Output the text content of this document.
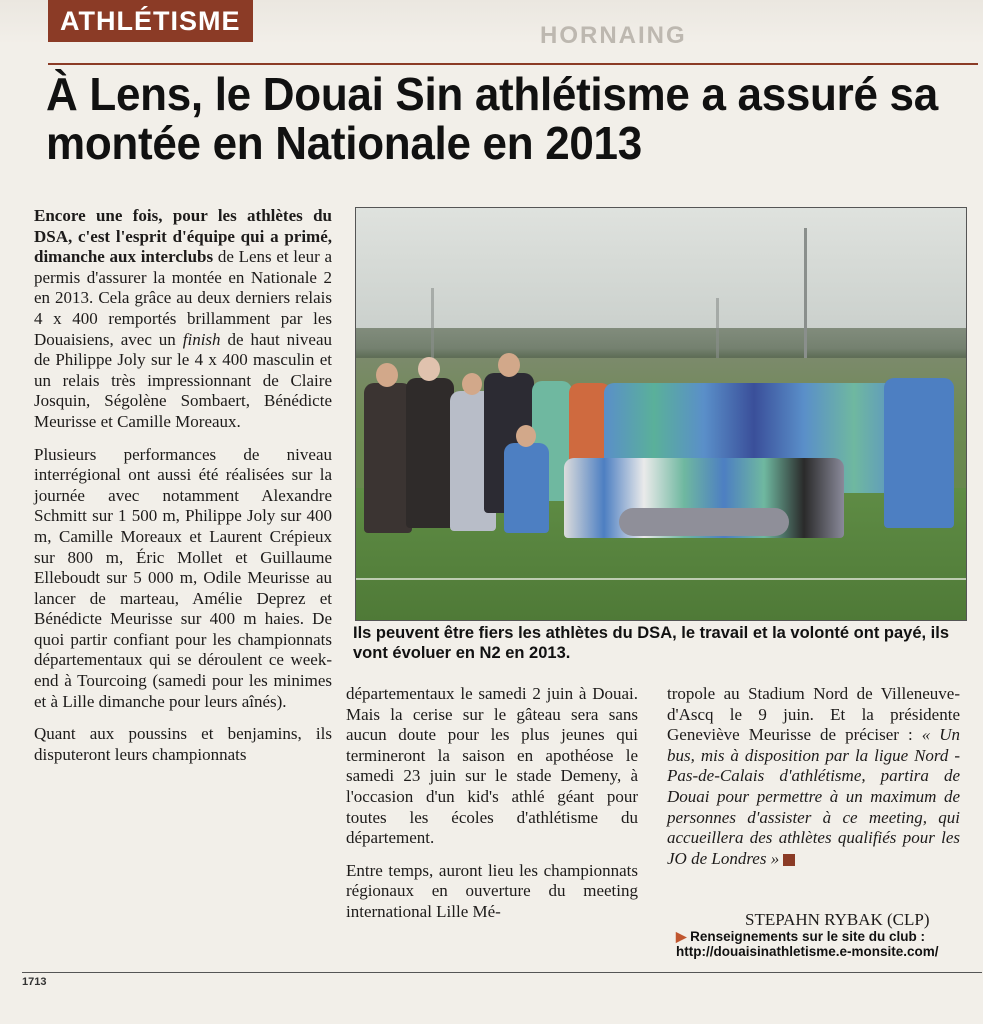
HORNAING
ATHLÉTISME
À Lens, le Douai Sin athlétisme a assuré sa montée en Nationale en 2013

Encore une fois, pour les athlètes du DSA, c'est l'esprit d'équipe qui a primé, dimanche aux interclubs de Lens et leur a permis d'assurer la montée en Nationale 2 en 2013. Cela grâce au deux derniers relais 4 x 400 remportés brillamment par les Douaisiens, avec un finish de haut niveau de Philippe Joly sur le 4 x 400 masculin et un relais très impressionnant de Claire Josquin, Ségolène Sombaert, Bénédicte Meurisse et Camille Moreaux.

Plusieurs performances de niveau interrégional ont aussi été réalisées sur la journée avec notamment Alexandre Schmitt sur 1 500 m, Philippe Joly sur 400 m, Camille Moreaux et Laurent Crépieux sur 800 m, Éric Mollet et Guillaume Elleboudt sur 5 000 m, Odile Meurisse au lancer de marteau, Amélie Deprez et Bénédicte Meurisse sur 400 m haies. De quoi partir confiant pour les championnats départementaux qui se déroulent ce week-end à Tourcoing (samedi pour les minimes et à Lille dimanche pour leurs aînés).

Quant aux poussins et benjamins, ils disputeront leurs championnats

Ils peuvent être fiers les athlètes du DSA, le travail et la volonté ont payé, ils vont évoluer en N2 en 2013.

départementaux le samedi 2 juin à Douai. Mais la cerise sur le gâteau sera sans aucun doute pour les plus jeunes qui termineront la saison en apothéose le samedi 23 juin sur le stade Demeny, à l'occasion d'un kid's athlé géant pour toutes les écoles d'athlétisme du département.

Entre temps, auront lieu les championnats régionaux en ouverture du meeting international Lille Mé-

tropole au Stadium Nord de Villeneuve-d'Ascq le 9 juin. Et la présidente Geneviève Meurisse de préciser : « Un bus, mis à disposition par la ligue Nord - Pas-de-Calais d'athlétisme, partira de Douai pour permettre à un maximum de personnes d'assister à ce meeting, qui accueillera des athlètes qualifiés pour les JO de Londres »

STEPAHN RYBAK (CLP)
▶ Renseignements sur le site du club : http://douaisinathletisme.e-monsite.com/
1713
